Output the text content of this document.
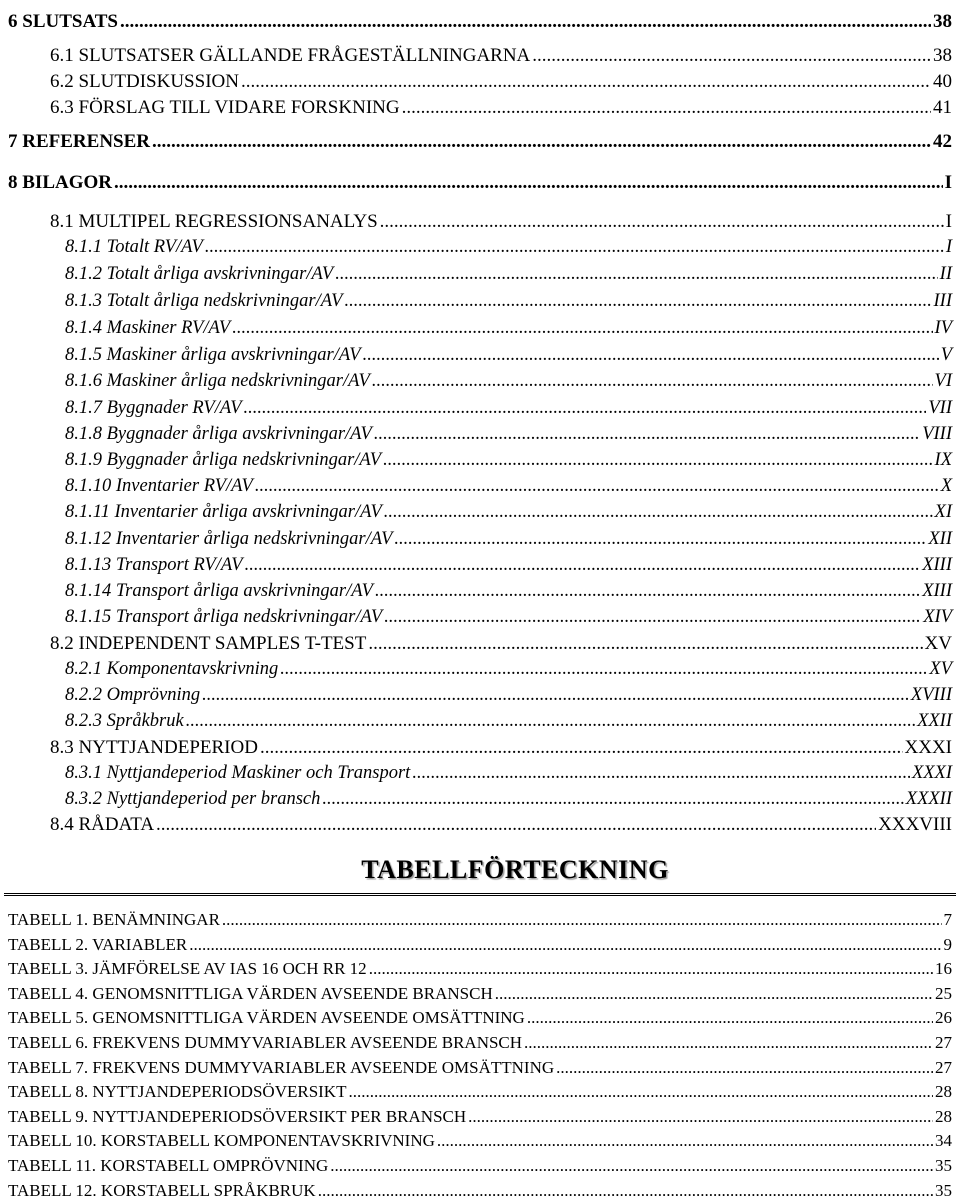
6 SLUTSATS .....	38
6.1 SLUTSATSER GÄLLANDE FRÅGESTÄLLNINGARNA .....	38
6.2 SLUTDISKUSSION .....	40
6.3 FÖRSLAG TILL VIDARE FORSKNING .....	41
7 REFERENSER .....	42
8 BILAGOR .....	I
8.1 MULTIPEL REGRESSIONSANALYS .....	I
8.1.1 Totalt RV/AV .....	I
8.1.2 Totalt årliga avskrivningar/AV .....	II
8.1.3 Totalt årliga nedskrivningar/AV .....	III
8.1.4 Maskiner RV/AV .....	IV
8.1.5 Maskiner årliga avskrivningar/AV .....	V
8.1.6 Maskiner årliga nedskrivningar/AV .....	VI
8.1.7 Byggnader RV/AV .....	VII
8.1.8 Byggnader årliga avskrivningar/AV .....	VIII
8.1.9 Byggnader årliga nedskrivningar/AV .....	IX
8.1.10 Inventarier RV/AV .....	X
8.1.11 Inventarier årliga avskrivningar/AV .....	XI
8.1.12 Inventarier årliga nedskrivningar/AV .....	XII
8.1.13 Transport RV/AV .....	XIII
8.1.14 Transport årliga avskrivningar/AV .....	XIII
8.1.15 Transport årliga nedskrivningar/AV .....	XIV
8.2 INDEPENDENT SAMPLES T-TEST .....	XV
8.2.1 Komponentavskrivning .....	XV
8.2.2 Omprövning .....	XVIII
8.2.3 Språkbruk .....	XXII
8.3 NYTTJANDEPERIOD .....	XXXI
8.3.1 Nyttjandeperiod Maskiner och Transport .....	XXXI
8.3.2 Nyttjandeperiod per bransch .....	XXXII
8.4 RÅDATA .....	XXXVIII
TABELLFÖRTECKNING
TABELL 1. BENÄMNINGAR .....	7
TABELL 2. VARIABLER .....	9
TABELL 3. JÄMFÖRELSE AV IAS 16 OCH RR 12 .....	16
TABELL 4. GENOMSNITTLIGA VÄRDEN AVSEENDE BRANSCH .....	25
TABELL 5. GENOMSNITTLIGA VÄRDEN AVSEENDE OMSÄTTNING .....	26
TABELL 6. FREKVENS DUMMYVARIABLER AVSEENDE BRANSCH .....	27
TABELL 7. FREKVENS DUMMYVARIABLER AVSEENDE OMSÄTTNING .....	27
TABELL 8. NYTTJANDEPERIODSÖVERSIKT .....	28
TABELL 9. NYTTJANDEPERIODSÖVERSIKT PER BRANSCH .....	28
TABELL 10. KORSTABELL KOMPONENTAVSKRIVNING .....	34
TABELL 11. KORSTABELL OMPRÖVNING .....	35
TABELL 12. KORSTABELL SPRÅKBRUK .....	35
